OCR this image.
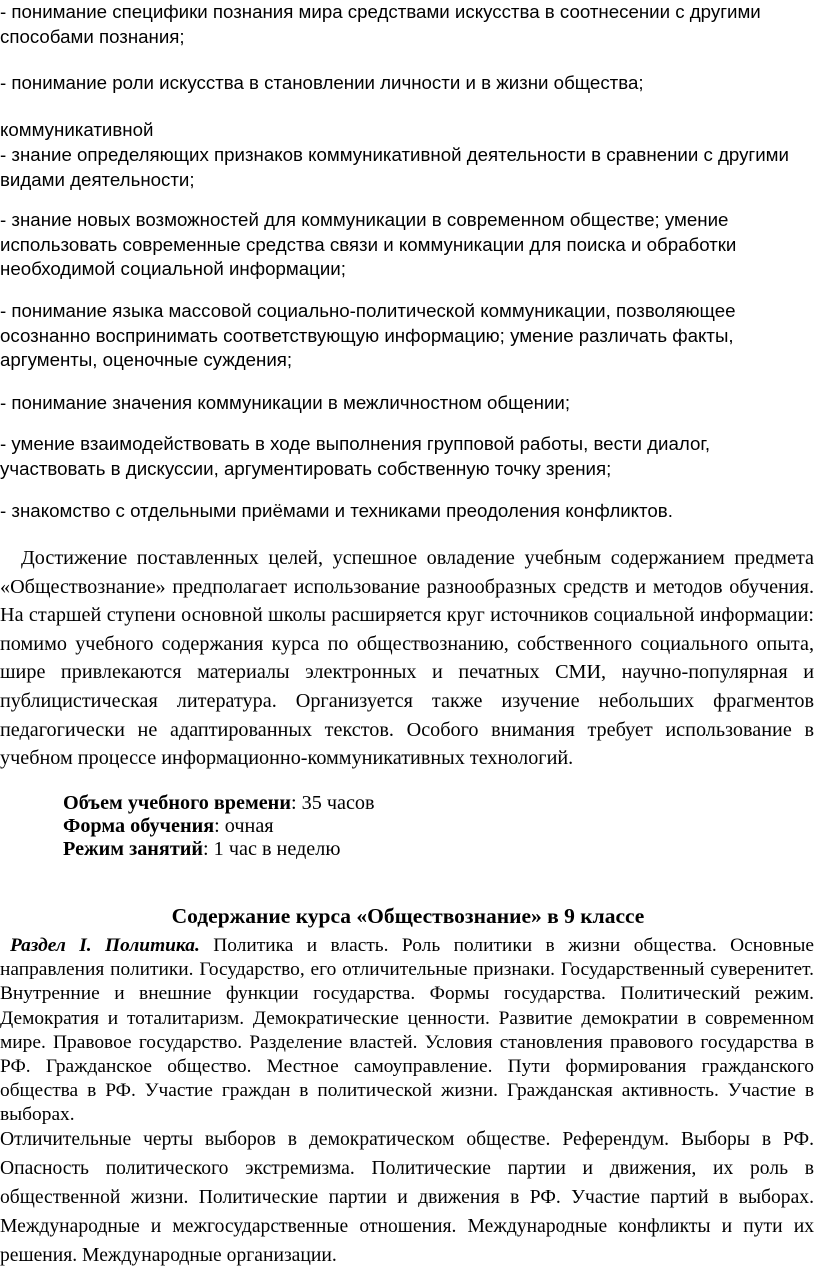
- понимание специфики познания мира средствами искусства в соотнесении с другими способами познания;

- понимание роли искусства в становлении личности и в жизни общества;

коммуникативной

- знание определяющих признаков коммуникативной деятельности в сравнении с другими видами деятельности;

- знание новых возможностей для коммуникации в современном обществе; умение использовать современные средства связи и коммуникации для поиска и обработки необходимой социальной информации;

- понимание языка массовой социально-политической коммуникации, позволяющее осознанно воспринимать соответствующую информацию; умение различать факты, аргументы, оценочные суждения;

- понимание значения коммуникации в межличностном общении;

- умение взаимодействовать в ходе выполнения групповой работы, вести диалог, участвовать в дискуссии, аргументировать собственную точку зрения;

- знакомство с отдельными приёмами и техниками преодоления конфликтов.

Достижение поставленных целей, успешное овладение учебным содержанием предмета «Обществознание» предполагает использование разнообразных средств и методов обучения. На старшей ступени основной школы расширяется круг источников социальной информации: помимо учебного содержания курса по обществознанию, собственного социального опыта, шире привлекаются материалы электронных и печатных СМИ, научно-популярная и публицистическая литература. Организуется также изучение небольших фрагментов педагогически не адаптированных текстов. Особого внимания требует использование в учебном процессе информационно-коммуникативных технологий.

Объем учебного времени: 35 часов

Форма обучения: очная

Режим занятий: 1 час в неделю

Содержание курса «Обществознание» в 9 классе

Раздел I. Политика. Политика и власть. Роль политики в жизни общества. Основные направления политики. Государство, его отличительные признаки. Государственный суверенитет. Внутренние и внешние функции государства. Формы государства. Политический режим. Демократия и тоталитаризм. Демократические ценности. Развитие демократии в современном мире. Правовое государство. Разделение властей. Условия становления правового государства в РФ. Гражданское общество. Местное самоуправление. Пути формирования гражданского общества в РФ. Участие граждан в политической жизни. Гражданская активность. Участие в выборах.

Отличительные черты выборов в демократическом обществе. Референдум. Выборы в РФ. Опасность политического экстремизма. Политические партии и движения, их роль в общественной жизни. Политические партии и движения в РФ. Участие партий в выборах. Международные и межгосударственные отношения. Международные конфликты и пути их решения. Международные организации.
